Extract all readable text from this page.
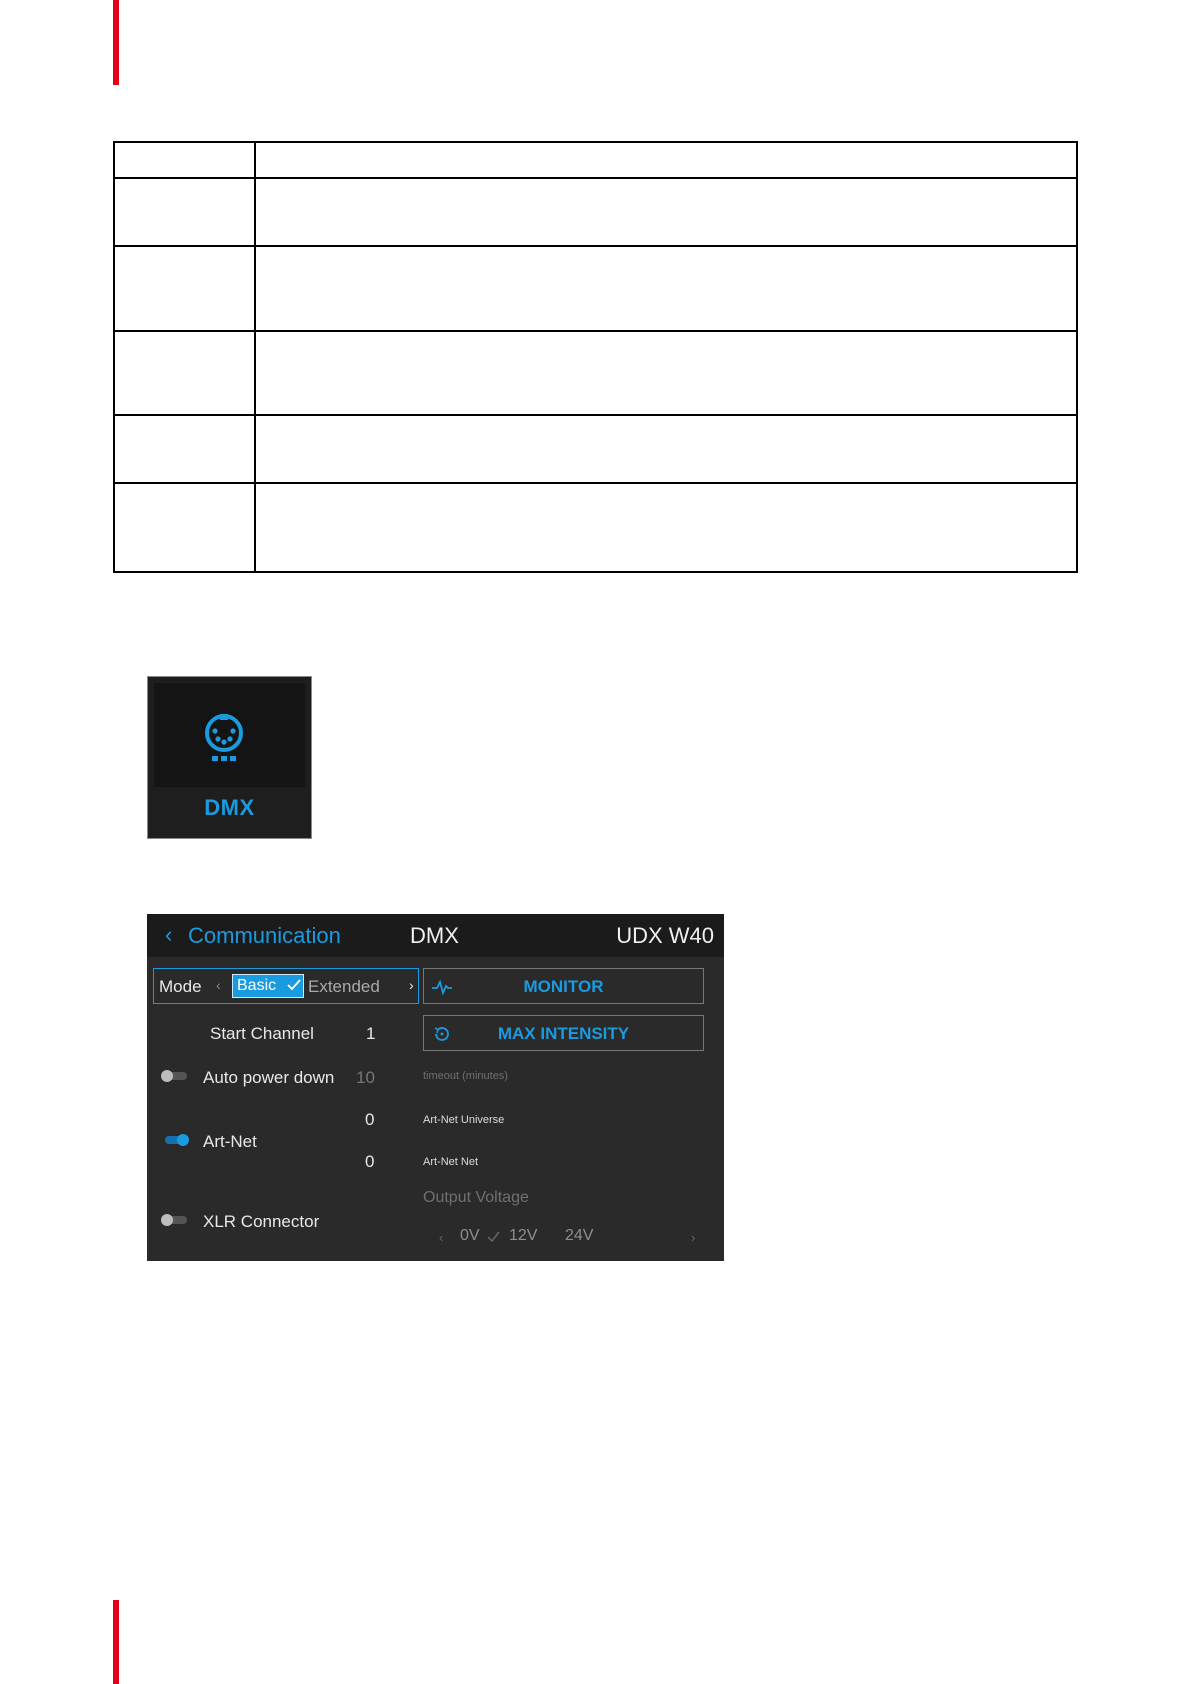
DMX
‹ Communication	DMX	UDX W40
Mode ‹ Basic Extended ›	MONITOR
MAX INTENSITY
Start Channel	1
Auto power down 10	timeout (minutes)
0	Art-Net Universe
Art-Net
0	Art-Net Net
Output Voltage
XLR Connector
‹ 0V 12V 24V	›
